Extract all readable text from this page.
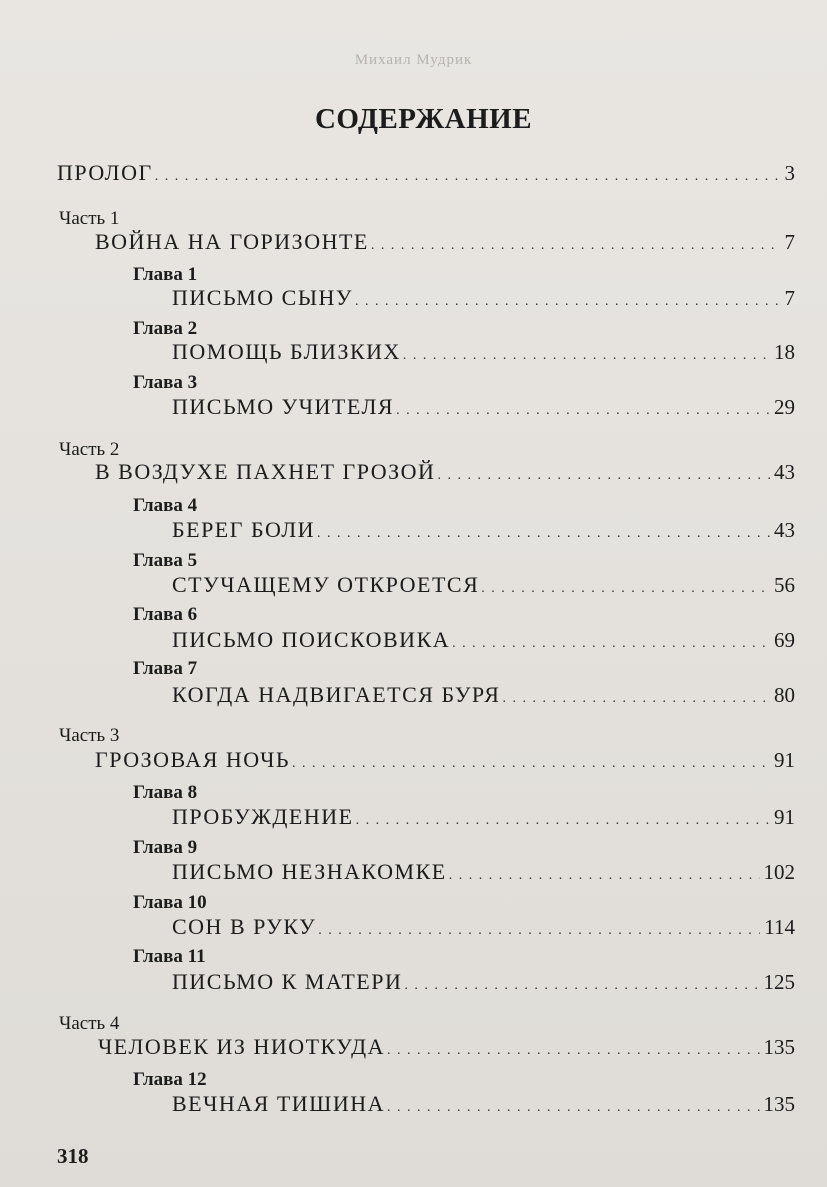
Михаил Мудрик
СОДЕРЖАНИЕ
ПРОЛОГ . . .	3
Часть 1
ВОЙНА НА ГОРИЗОНТЕ . . .	7
Глава 1
ПИСЬМО СЫНУ . . .	7
Глава 2
ПОМОЩЬ БЛИЗКИХ . . .	18
Глава 3
ПИСЬМО УЧИТЕЛЯ . . .	29
Часть 2
В ВОЗДУХЕ ПАХНЕТ ГРОЗОЙ . . .	43
Глава 4
БЕРЕГ БОЛИ . . .	43
Глава 5
СТУЧАЩЕМУ ОТКРОЕТСЯ . . .	56
Глава 6
ПИСЬМО ПОИСКОВИКА . . .	69
Глава 7
КОГДА НАДВИГАЕТСЯ БУРЯ . . .	80
Часть 3
ГРОЗОВАЯ НОЧЬ . . .	91
Глава 8
ПРОБУЖДЕНИЕ . . .	91
Глава 9
ПИСЬМО НЕЗНАКОМКЕ . . .	102
Глава 10
СОН В РУКУ . . .	114
Глава 11
ПИСЬМО К МАТЕРИ . . .	125
Часть 4
ЧЕЛОВЕК ИЗ НИОТКУДА . . .	135
Глава 12
ВЕЧНАЯ ТИШИНА . . .	135
318
